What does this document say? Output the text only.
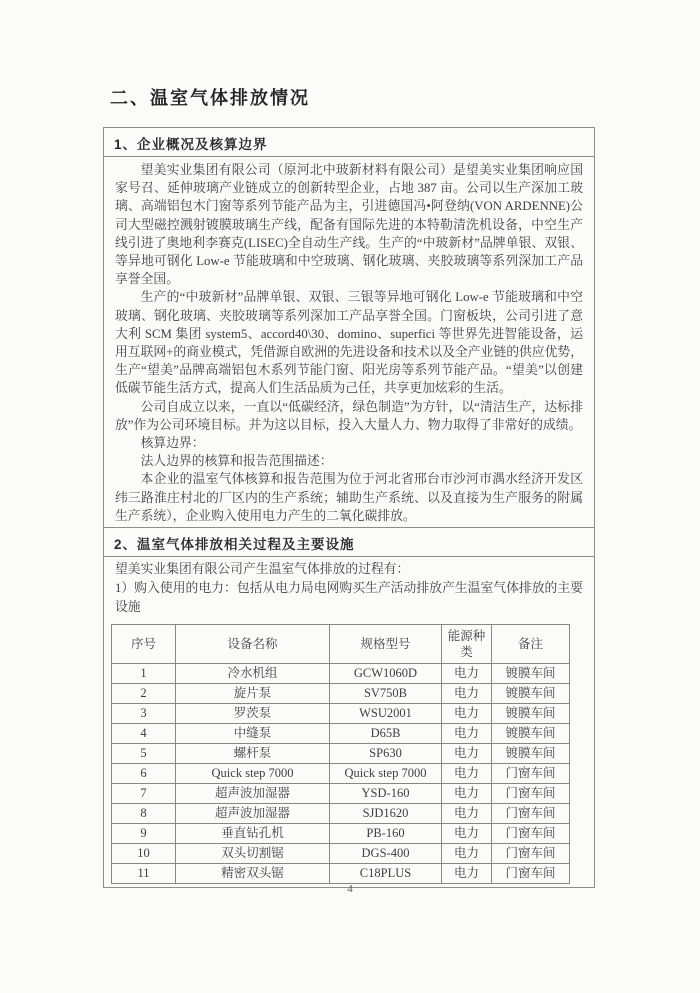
二、温室气体排放情况
1、企业概况及核算边界

望美实业集团有限公司（原河北中玻新材料有限公司）是望美实业集团响应国家号召、延伸玻璃产业链成立的创新转型企业，占地 387 亩。公司以生产深加工玻璃、高端铝包木门窗等系列节能产品为主，引进德国冯•阿登纳(VON ARDENNE)公司大型磁控溅射镀膜玻璃生产线，配备有国际先进的本特勒清洗机设备，中空生产线引进了奥地利李赛克(LISEC)全自动生产线。生产的“中玻新材”品牌单银、双银、等异地可钢化 Low-e 节能玻璃和中空玻璃、钢化玻璃、夹胶玻璃等系列深加工产品享誉全国。

生产的“中玻新材”品牌单银、双银、三银等异地可钢化 Low-e 节能玻璃和中空玻璃、钢化玻璃、夹胶玻璃等系列深加工产品享誉全国。门窗板块，公司引进了意大利 SCM 集团 system5、accord40\30、domino、superfici 等世界先进智能设备，运用互联网+的商业模式，凭借源自欧洲的先进设备和技术以及全产业链的供应优势，生产“望美”品牌高端铝包木系列节能门窗、阳光房等系列节能产品。“望美”以创建低碳节能生活方式，提高人们生活品质为己任，共享更加炫彩的生活。

公司自成立以来，一直以“低碳经济，绿色制造”为方针，以“清洁生产，达标排放”作为公司环境目标。并为这以目标，投入大量人力、物力取得了非常好的成绩。

核算边界：

法人边界的核算和报告范围描述：

本企业的温室气体核算和报告范围为位于河北省邢台市沙河市湡水经济开发区纬三路淮庄村北的厂区内的生产系统；辅助生产系统、以及直接为生产服务的附属生产系统），企业购入使用电力产生的二氧化碳排放。

2、温室气体排放相关过程及主要设施

望美实业集团有限公司产生温室气体排放的过程有：

1）购入使用的电力：包括从电力局电网购买生产活动排放产生温室气体排放的主要设施

序号	设备名称	规格型号	能源种类	备注
1	冷水机组	GCW1060D	电力	镀膜车间
2	旋片泵	SV750B	电力	镀膜车间
3	罗茨泵	WSU2001	电力	镀膜车间
4	中缝泵	D65B	电力	镀膜车间
5	螺杆泵	SP630	电力	镀膜车间
6	Quick step 7000	Quick step 7000	电力	门窗车间
7	超声波加湿器	YSD-160	电力	门窗车间
8	超声波加湿器	SJD1620	电力	门窗车间
9	垂直钻孔机	PB-160	电力	门窗车间
10	双头切割锯	DGS-400	电力	门窗车间
11	精密双头锯	C18PLUS	电力	门窗车间
4
